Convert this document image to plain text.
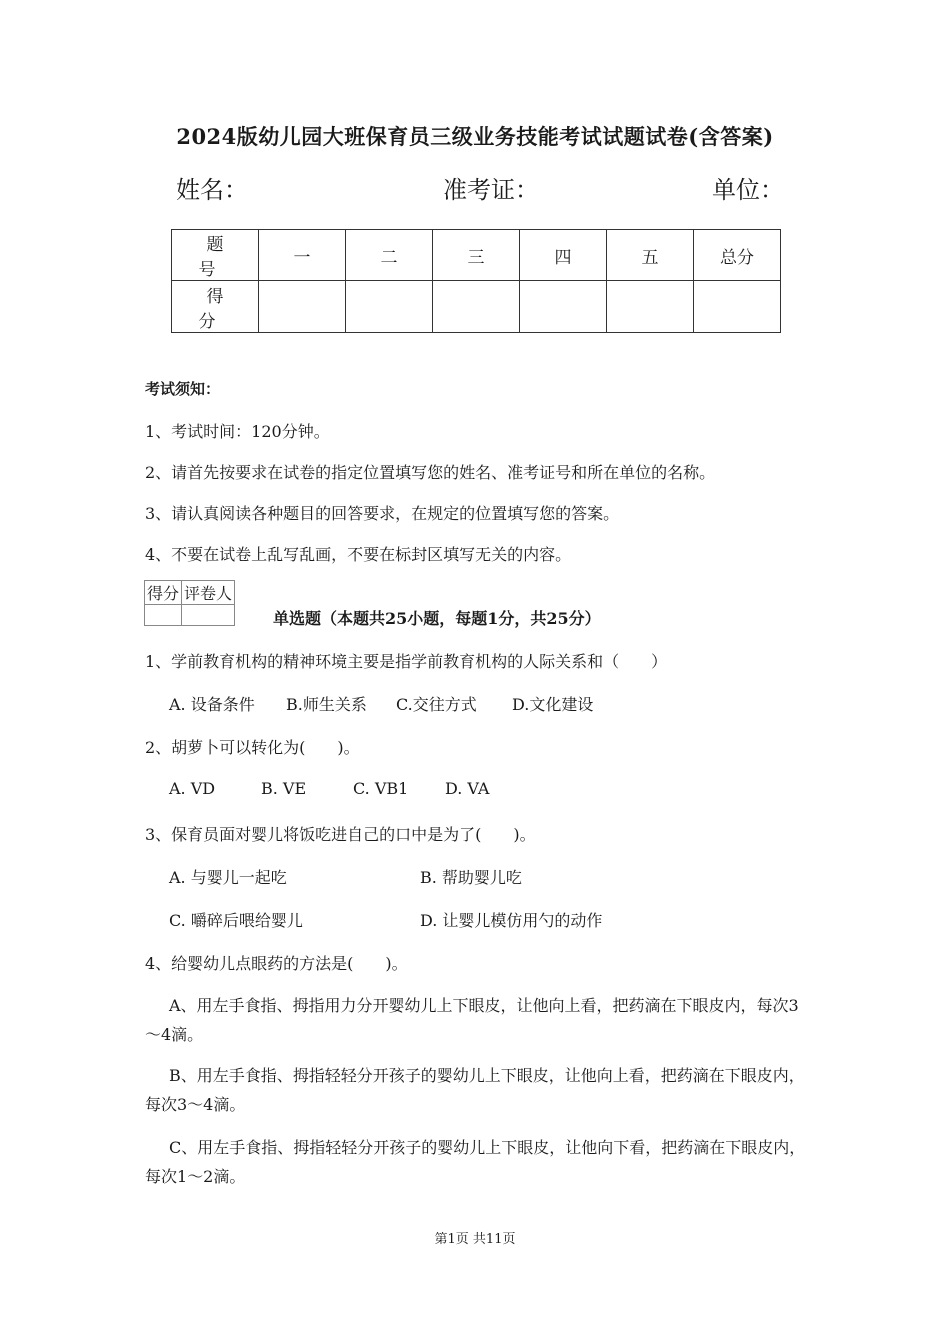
2024版幼儿园大班保育员三级业务技能考试试题试卷(含答案)
姓名：	准考证：	单位：
题 号	一	二	三	四	五	总分
得 分						
考试须知：
1、考试时间：120分钟。
2、请首先按要求在试卷的指定位置填写您的姓名、准考证号和所在单位的名称。
3、请认真阅读各种题目的回答要求，在规定的位置填写您的答案。
4、不要在试卷上乱写乱画，不要在标封区填写无关的内容。
得分	评卷人

单选题（本题共25小题，每题1分，共25分）
1、学前教育机构的精神环境主要是指学前教育机构的人际关系和（　　）
A. 设备条件 B.师生关系 C.交往方式 D.文化建设
2、胡萝卜可以转化为(　　)。
A. VD	B. VE	C. VB1 D. VA
3、保育员面对婴儿将饭吃进自己的口中是为了(　　)。
A. 与婴儿一起吃	B. 帮助婴儿吃
C. 嚼碎后喂给婴儿	D. 让婴儿模仿用勺的动作
4、给婴幼儿点眼药的方法是(　　)。
A、用左手食指、拇指用力分开婴幼儿上下眼皮，让他向上看，把药滴在下眼皮内，每次3～4滴。
B、用左手食指、拇指轻轻分开孩子的婴幼儿上下眼皮，让他向上看，把药滴在下眼皮内，每次3～4滴。
C、用左手食指、拇指轻轻分开孩子的婴幼儿上下眼皮，让他向下看，把药滴在下眼皮内，每次1～2滴。
第1页 共11页
